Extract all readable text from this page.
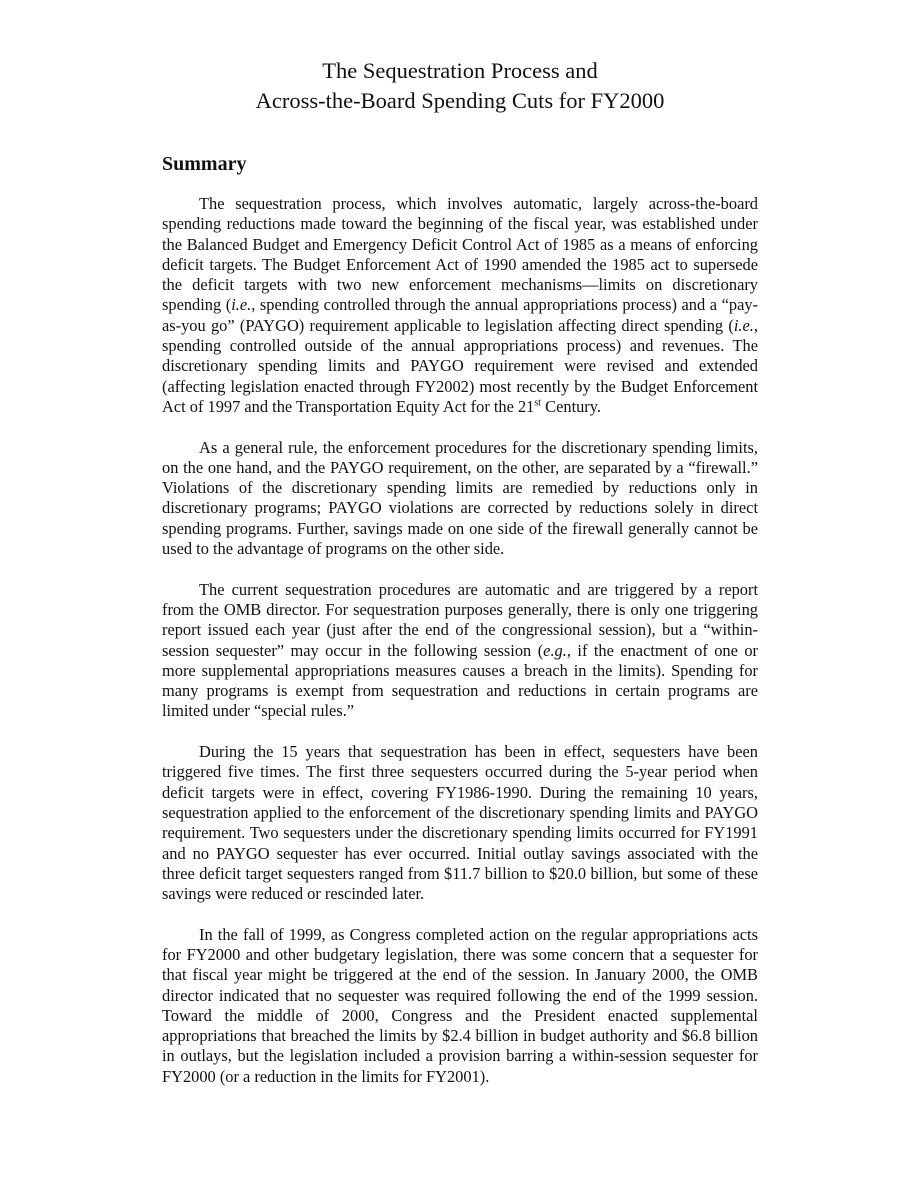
The Sequestration Process and
Across-the-Board Spending Cuts for FY2000
Summary

The sequestration process, which involves automatic, largely across-the-board spending reductions made toward the beginning of the fiscal year, was established under the Balanced Budget and Emergency Deficit Control Act of 1985 as a means of enforcing deficit targets. The Budget Enforcement Act of 1990 amended the 1985 act to supersede the deficit targets with two new enforcement mechanisms—limits on discretionary spending (i.e., spending controlled through the annual appropriations process) and a “pay-as-you go” (PAYGO) requirement applicable to legislation affecting direct spending (i.e., spending controlled outside of the annual appropriations process) and revenues. The discretionary spending limits and PAYGO requirement were revised and extended (affecting legislation enacted through FY2002) most recently by the Budget Enforcement Act of 1997 and the Transportation Equity Act for the 21st Century.

As a general rule, the enforcement procedures for the discretionary spending limits, on the one hand, and the PAYGO requirement, on the other, are separated by a “firewall.” Violations of the discretionary spending limits are remedied by reductions only in discretionary programs; PAYGO violations are corrected by reductions solely in direct spending programs. Further, savings made on one side of the firewall generally cannot be used to the advantage of programs on the other side.

The current sequestration procedures are automatic and are triggered by a report from the OMB director. For sequestration purposes generally, there is only one triggering report issued each year (just after the end of the congressional session), but a “within-session sequester” may occur in the following session (e.g., if the enactment of one or more supplemental appropriations measures causes a breach in the limits). Spending for many programs is exempt from sequestration and reductions in certain programs are limited under “special rules.”

During the 15 years that sequestration has been in effect, sequesters have been triggered five times. The first three sequesters occurred during the 5-year period when deficit targets were in effect, covering FY1986-1990. During the remaining 10 years, sequestration applied to the enforcement of the discretionary spending limits and PAYGO requirement. Two sequesters under the discretionary spending limits occurred for FY1991 and no PAYGO sequester has ever occurred. Initial outlay savings associated with the three deficit target sequesters ranged from $11.7 billion to $20.0 billion, but some of these savings were reduced or rescinded later.

In the fall of 1999, as Congress completed action on the regular appropriations acts for FY2000 and other budgetary legislation, there was some concern that a sequester for that fiscal year might be triggered at the end of the session. In January 2000, the OMB director indicated that no sequester was required following the end of the 1999 session. Toward the middle of 2000, Congress and the President enacted supplemental appropriations that breached the limits by $2.4 billion in budget authority and $6.8 billion in outlays, but the legislation included a provision barring a within-session sequester for FY2000 (or a reduction in the limits for FY2001).
